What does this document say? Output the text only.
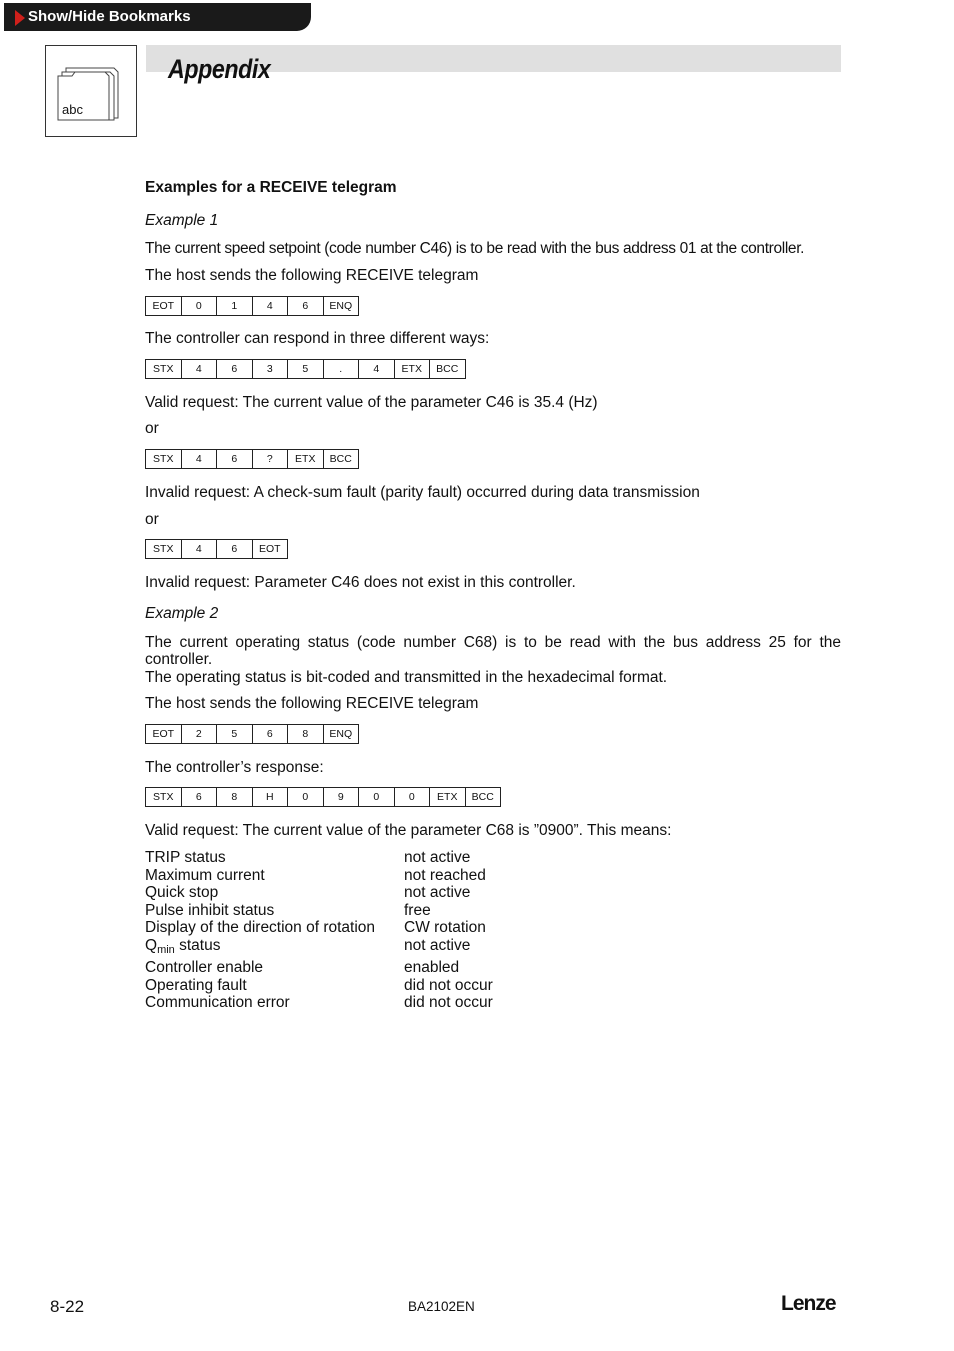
Show/Hide Bookmarks
abc
Appendix
Examples for a RECEIVE telegram
Example 1
The current speed setpoint (code number C46) is to be read with the bus address 01 at the controller.
The host sends the following RECEIVE telegram
EOT	0	1	4	6	ENQ
The controller can respond in three different ways:
STX	4	6	3	5	.	4	ETX	BCC
Valid request: The current value of the parameter C46 is 35.4 (Hz)
or
STX	4	6	?	ETX	BCC
Invalid request: A check-sum fault (parity fault) occurred during data transmission
or
STX	4	6	EOT
Invalid request: Parameter C46 does not exist in this controller.
Example 2
The current operating status (code number C68) is to be read with the bus address 25 for the controller.
The operating status is bit-coded and transmitted in the hexadecimal format.
The host sends the following RECEIVE telegram
EOT	2	5	6	8	ENQ
The controller’s response:
STX	6	8	H	0	9	0	0	ETX	BCC
Valid request: The current value of the parameter C68 is ”0900”. This means:
TRIP status	not active
Maximum current	not reached
Quick stop	not active
Pulse inhibit status	free
Display of the direction of rotation	CW rotation
$Q_{min}$ status	not active
Controller enable	enabled
Operating fault	did not occur
Communication error	did not occur
8-22	BA2102EN	Lenze
